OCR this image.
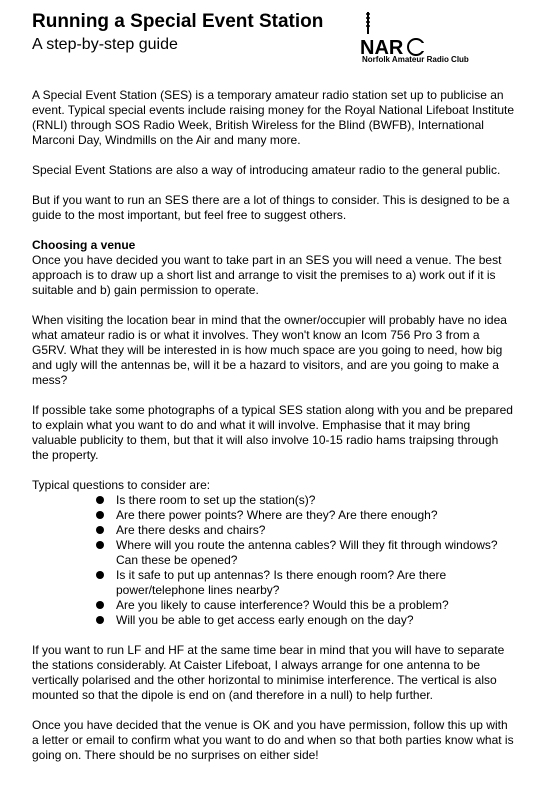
Running a Special Event Station
A step-by-step guide	NAR
Norfolk Amateur Radio Club

A Special Event Station (SES) is a temporary amateur radio station set up to publicise an event. Typical special events include raising money for the Royal National Lifeboat Institute (RNLI) through SOS Radio Week, British Wireless for the Blind (BWFB), International Marconi Day, Windmills on the Air and many more.

Special Event Stations are also a way of introducing amateur radio to the general public.

But if you want to run an SES there are a lot of things to consider. This is designed to be a guide to the most important, but feel free to suggest others.

Choosing a venue

Once you have decided you want to take part in an SES you will need a venue. The best approach is to draw up a short list and arrange to visit the premises to a) work out if it is suitable and b) gain permission to operate.

When visiting the location bear in mind that the owner/occupier will probably have no idea what amateur radio is or what it involves. They won't know an Icom 756 Pro 3 from a G5RV. What they will be interested in is how much space are you going to need, how big and ugly will the antennas be, will it be a hazard to visitors, and are you going to make a mess?

If possible take some photographs of a typical SES station along with you and be prepared to explain what you want to do and what it will involve. Emphasise that it may bring valuable publicity to them, but that it will also involve 10-15 radio hams traipsing through the property.

Typical questions to consider are:
Is there room to set up the station(s)?
Are there power points? Where are they? Are there enough?
Are there desks and chairs?
Where will you route the antenna cables? Will they fit through windows? Can these be opened?
Is it safe to put up antennas? Is there enough room? Are there power/telephone lines nearby?
Are you likely to cause interference? Would this be a problem?
Will you be able to get access early enough on the day?

If you want to run LF and HF at the same time bear in mind that you will have to separate the stations considerably. At Caister Lifeboat, I always arrange for one antenna to be vertically polarised and the other horizontal to minimise interference. The vertical is also mounted so that the dipole is end on (and therefore in a null) to help further.

Once you have decided that the venue is OK and you have permission, follow this up with a letter or email to confirm what you want to do and when so that both parties know what is going on. There should be no surprises on either side!
